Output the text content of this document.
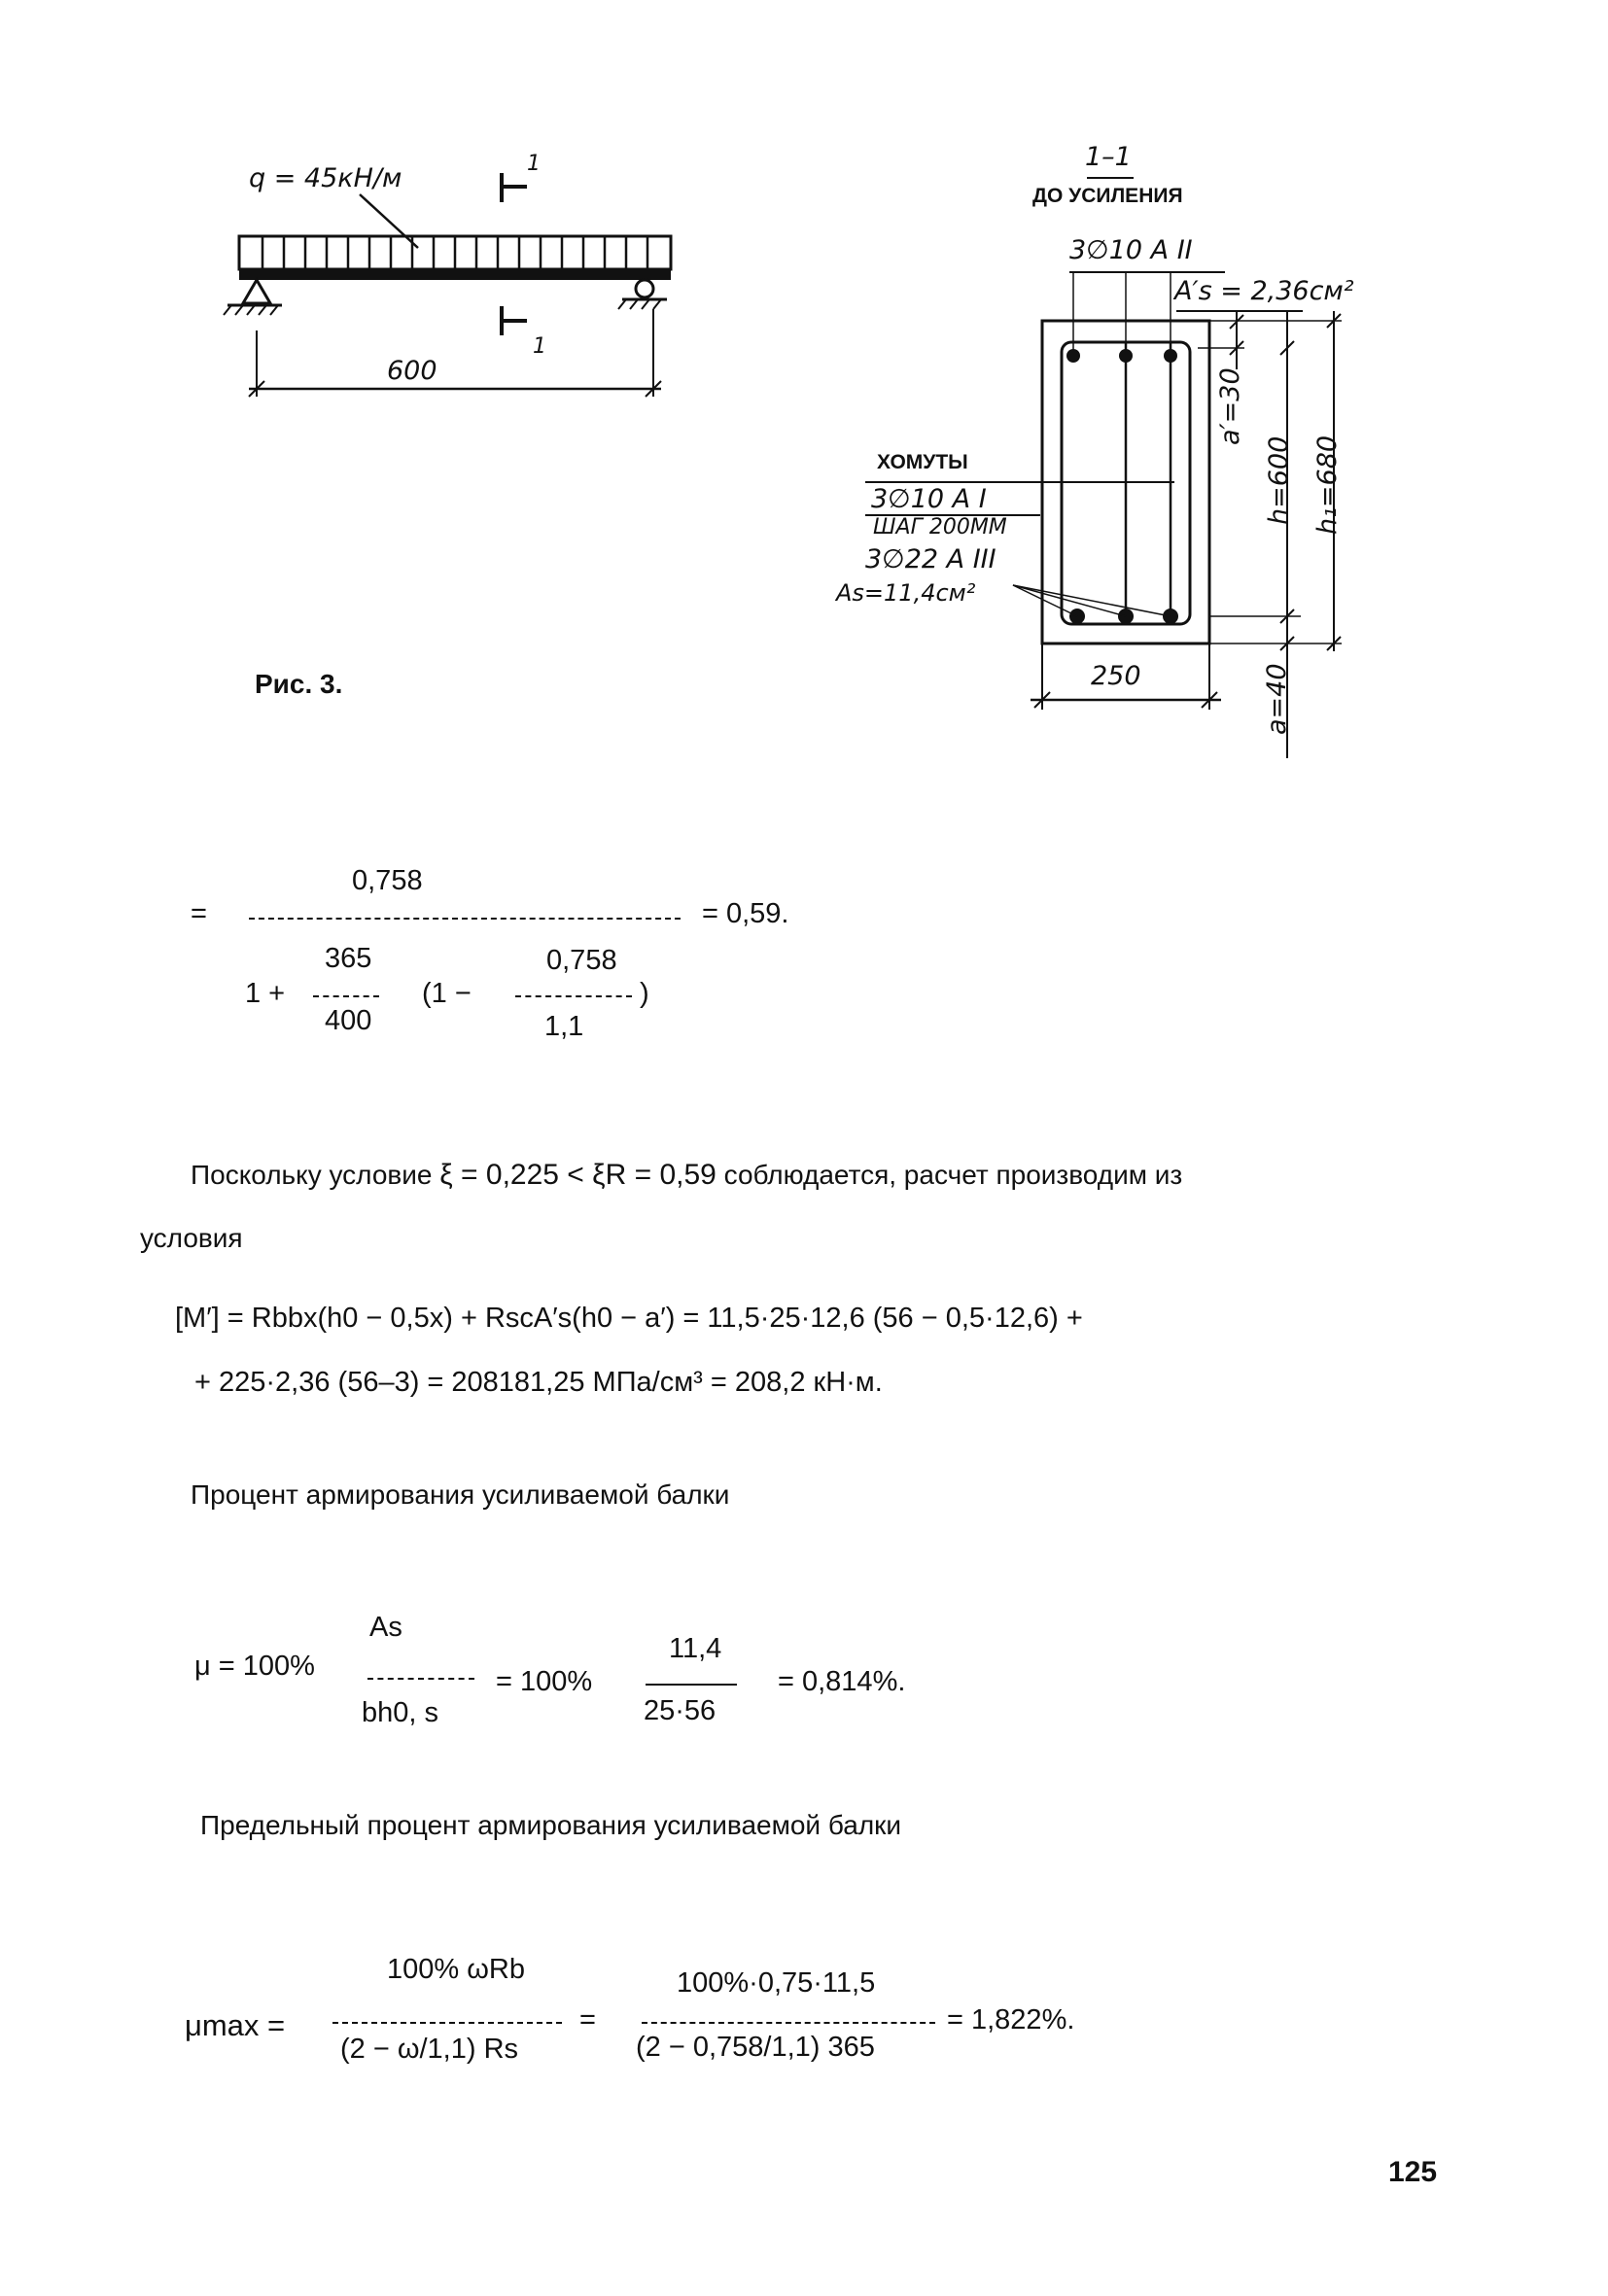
q = 45кН/м	1
1
600
Рис. 3.
1–1
ДО УСИЛЕНИЯ
3∅10 А II
A′s = 2,36см²
a′=30
h=600 h₁=680
ХОМУТЫ
3∅10 А I
ШАГ 200ММ
3∅22 А III
As=11,4см²
250	a=40
=
0,758
= 0,59.
1 +
365
400
(1 −
0,758
1,1
)
Поскольку условие ξ = 0,225 < ξR = 0,59 соблюдается, расчет производим из
условия
[M′] = Rbbx(h0 − 0,5x) + RscA′s(h0 − a′) = 11,5·25·12,6 (56 − 0,5·12,6) +
+ 225·2,36 (56–3) = 208181,25 МПа/см³ = 208,2 кН·м.
Процент армирования усиливаемой балки
μ = 100%
As
bh0, s
= 100%
11,4
25·56
= 0,814%.
Предельный процент армирования усиливаемой балки
μmax =
100% ωRb
(2 − ω/1,1) Rs
=
100%·0,75·11,5
(2 − 0,758/1,1) 365
= 1,822%.
125
